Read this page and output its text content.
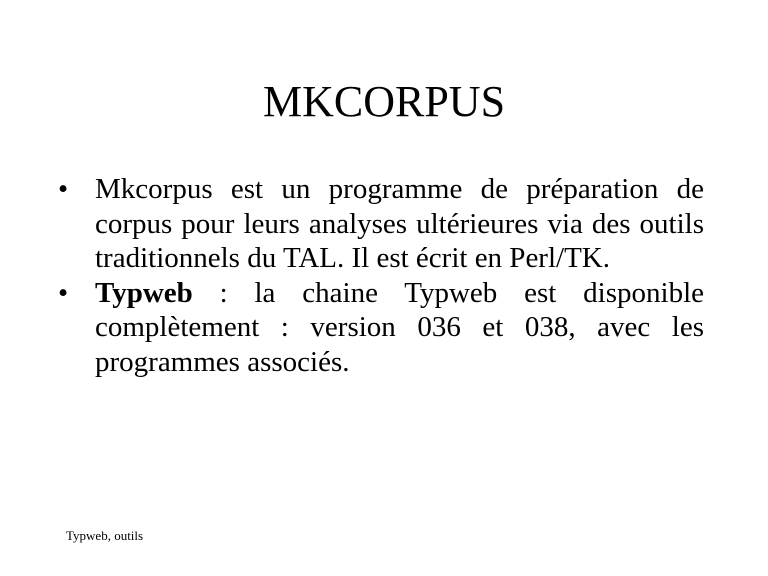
MKCORPUS
• Mkcorpus est un programme de préparation de corpus pour leurs analyses ultérieures via des outils traditionnels du TAL. Il est écrit en Perl/TK.
• Typweb : la chaine Typweb est disponible complètement : version 036 et 038, avec les programmes associés.
Typweb, outils
